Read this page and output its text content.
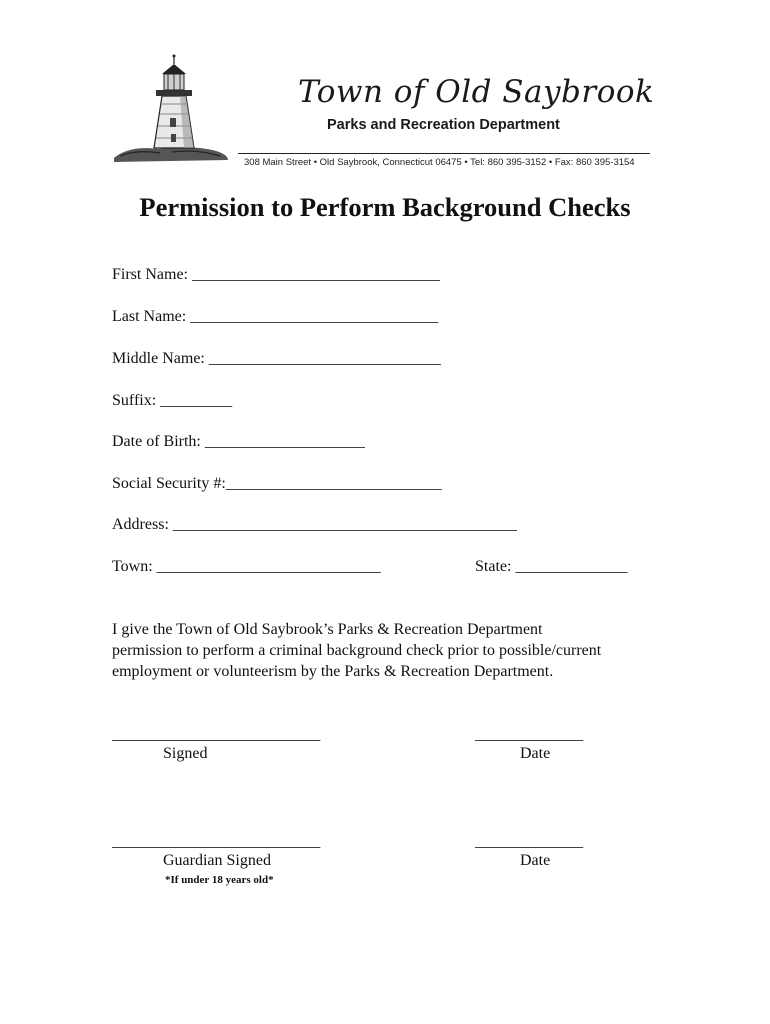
Town of Old Saybrook
Parks and Recreation Department
308 Main Street • Old Saybrook, Connecticut 06475 • Tel: 860 395-3152 • Fax: 860 395-3154
Permission to Perform Background Checks
First Name: _______________________________
Last Name: _______________________________
Middle Name: _____________________________
Suffix: _________
Date of Birth: ____________________
Social Security #:___________________________
Address: ___________________________________________
Town: ____________________________	State: ______________
I give the Town of Old Saybrook’s Parks & Recreation Department
permission to perform a criminal background check prior to possible/current
employment or volunteerism by the Parks & Recreation Department.
___________________________
Signed
______________
Date
___________________________
Guardian Signed
______________
Date
*If under 18 years old*
